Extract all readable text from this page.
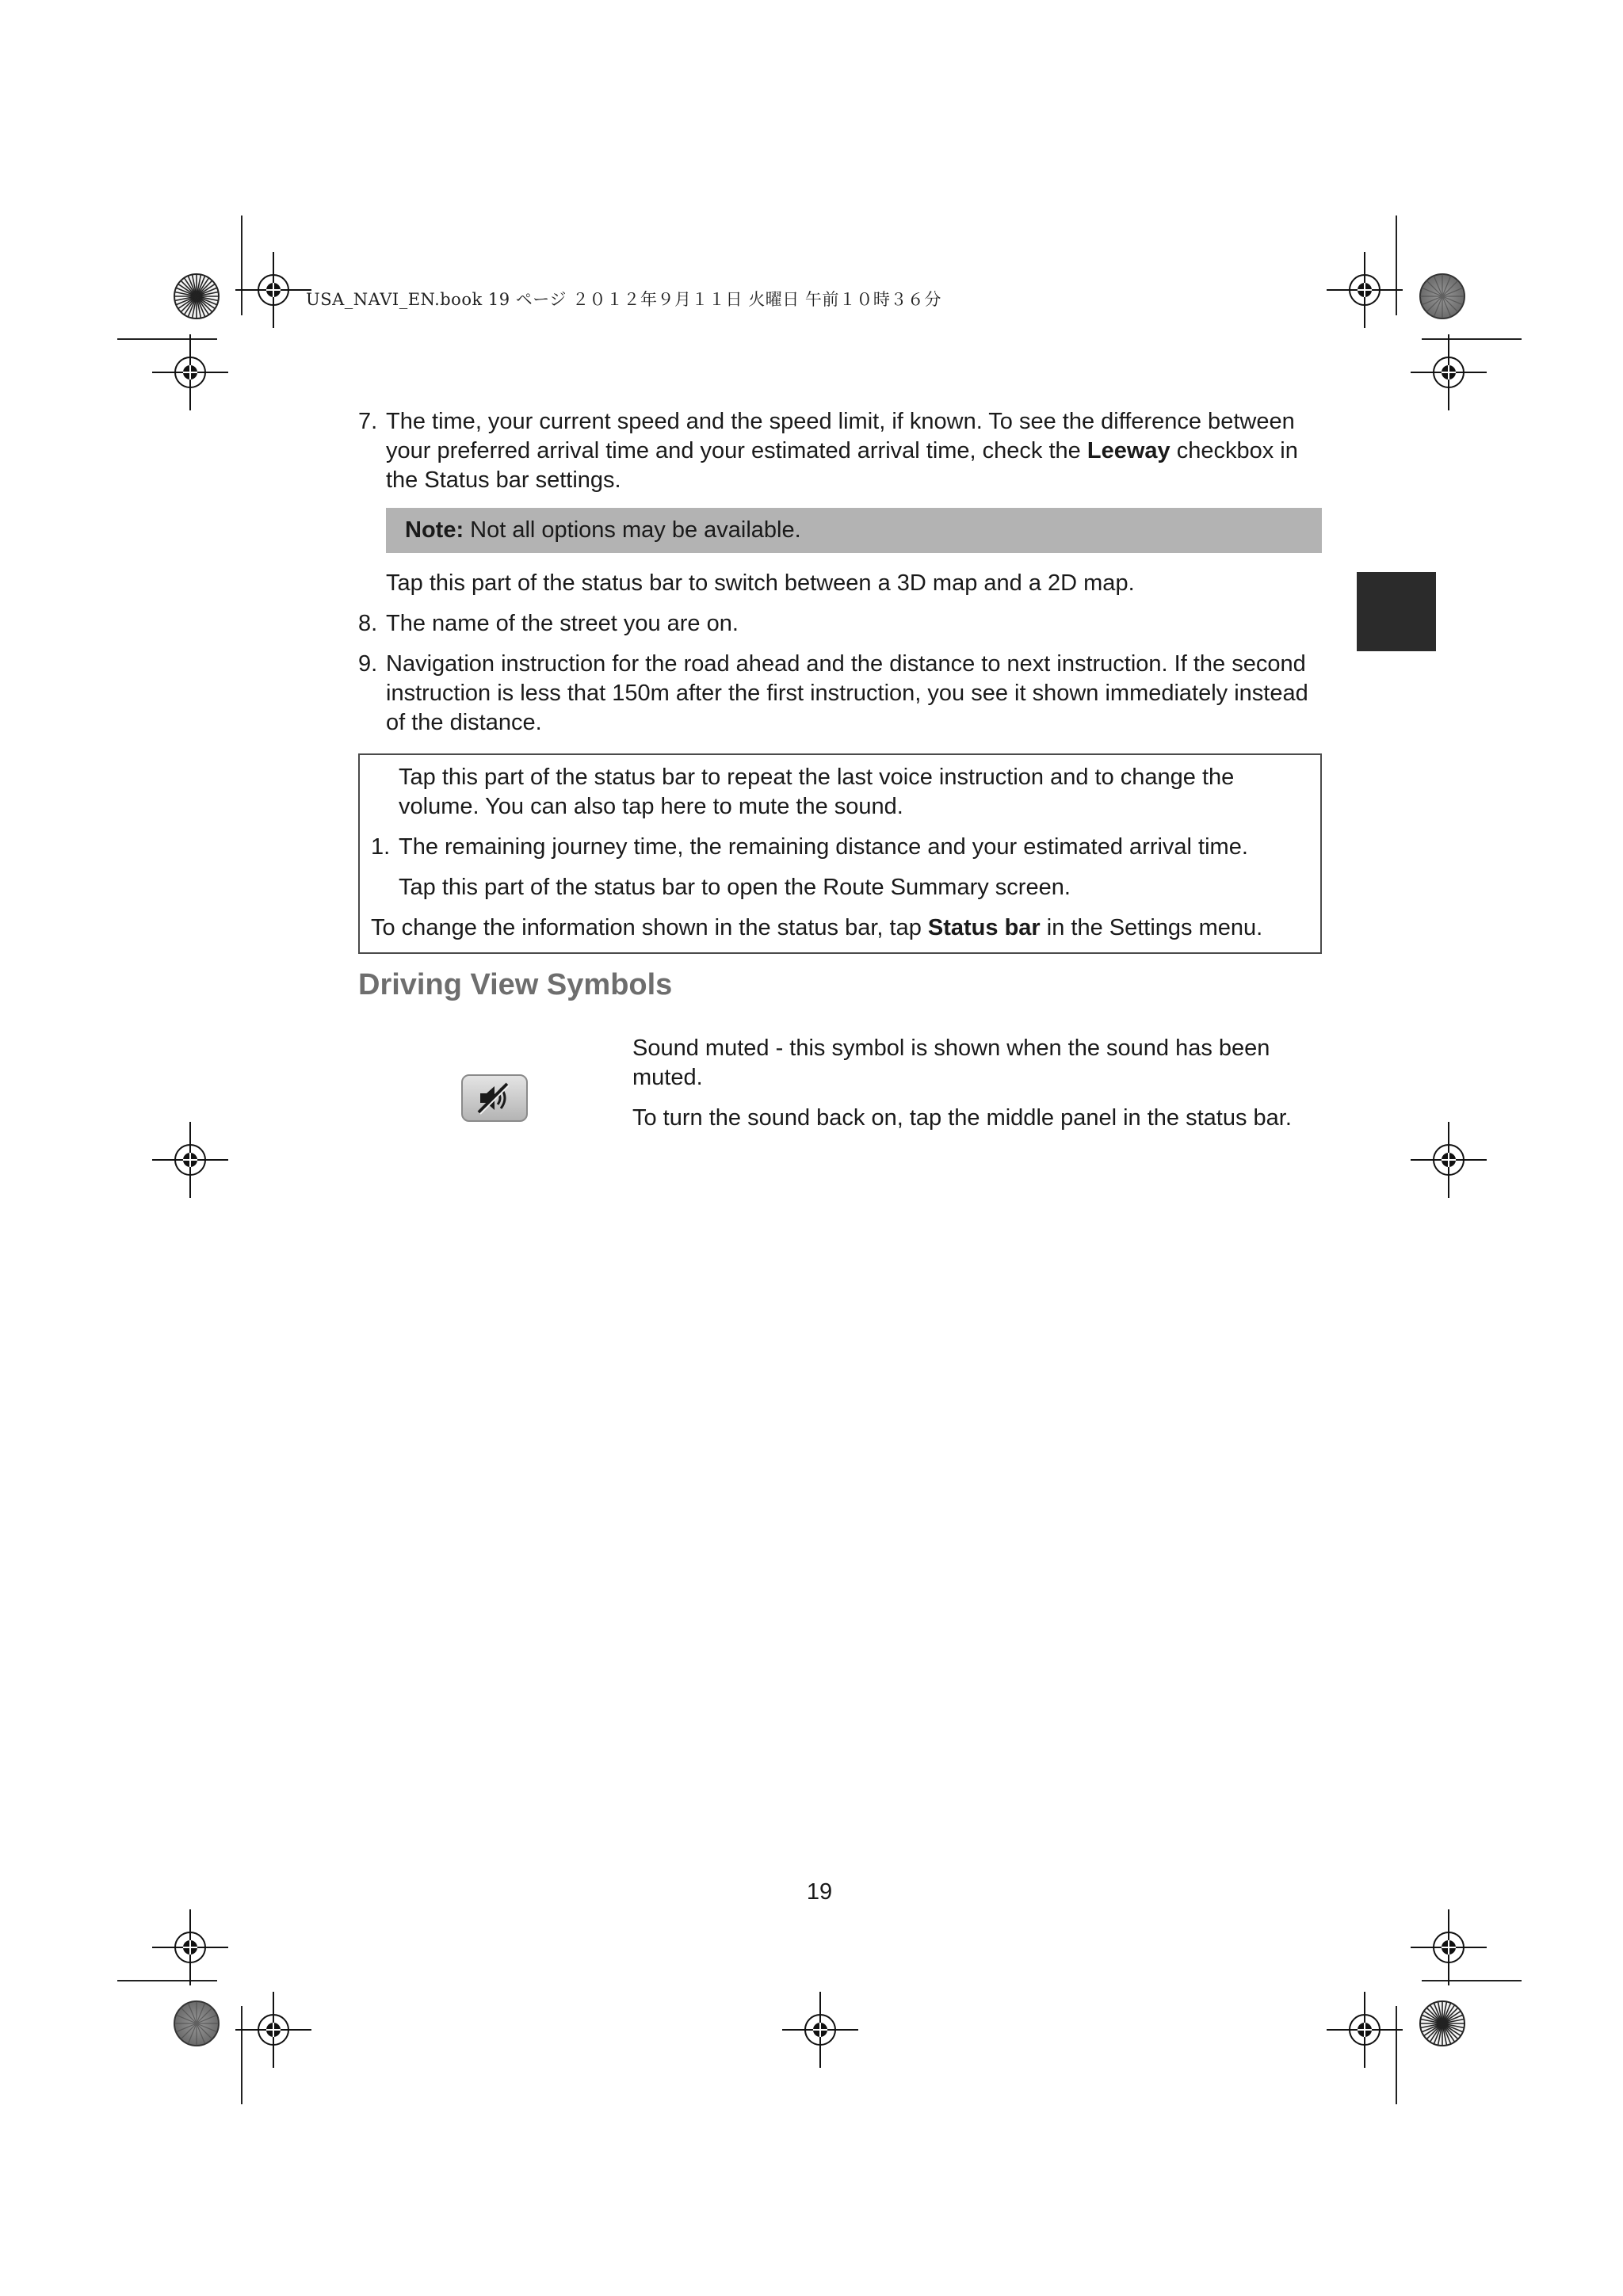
USA_NAVI_EN.book 19 ページ ２０１２年９月１１日 火曜日 午前１０時３６分
7. The time, your current speed and the speed limit, if known. To see the difference between your preferred arrival time and your estimated arrival time, check the Leeway checkbox in the Status bar settings.
Note: Not all options may be available.
Tap this part of the status bar to switch between a 3D map and a 2D map.
8. The name of the street you are on.
9. Navigation instruction for the road ahead and the distance to next instruction. If the second instruction is less that 150m after the first instruction, you see it shown immediately instead of the distance.
Tap this part of the status bar to repeat the last voice instruction and to change the volume. You can also tap here to mute the sound.
1. The remaining journey time, the remaining distance and your estimated arrival time.
Tap this part of the status bar to open the Route Summary screen.
To change the information shown in the status bar, tap Status bar in the Settings menu.
Driving View Symbols

Sound muted - this symbol is shown when the sound has been muted.

To turn the sound back on, tap the middle panel in the status bar.

19
